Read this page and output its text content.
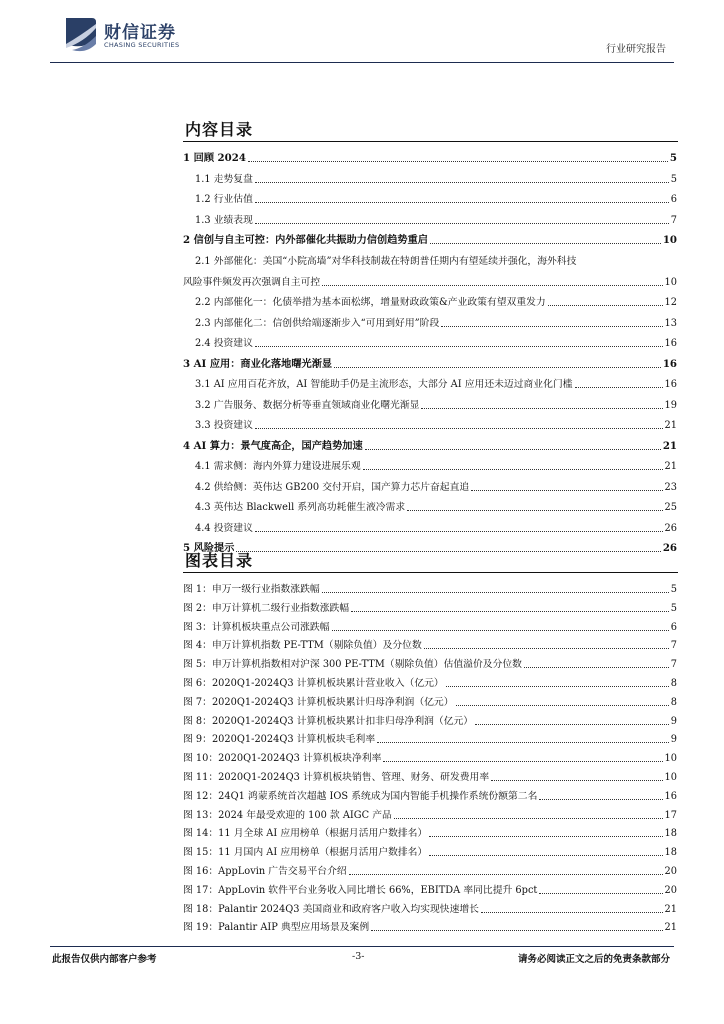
财信证券
CHASING SECURITIES	行业研究报告
内容目录
1 回顾 2024	5
1.1 走势复盘	5
1.2 行业估值	6
1.3 业绩表现	7
2 信创与自主可控：内外部催化共振助力信创趋势重启	10
2.1 外部催化：美国“小院高墙”对华科技制裁在特朗普任期内有望延续并强化，海外科技
风险事件频发再次强调自主可控	10
2.2 内部催化一：化债举措为基本面松绑，增量财政政策&产业政策有望双重发力	12
2.3 内部催化二：信创供给端逐渐步入“可用到好用”阶段	13
2.4 投资建议	16
3 AI 应用：商业化落地曙光渐显	16
3.1 AI 应用百花齐放，AI 智能助手仍是主流形态，大部分 AI 应用还未迈过商业化门槛	16
3.2 广告服务、数据分析等垂直领域商业化曙光渐显	19
3.3 投资建议	21
4 AI 算力：景气度高企，国产趋势加速	21
4.1 需求侧：海内外算力建设进展乐观	21
4.2 供给侧：英伟达 GB200 交付开启，国产算力芯片奋起直追	23
4.3 英伟达 Blackwell 系列高功耗催生液冷需求	25
4.4 投资建议	26
5 风险提示	26
图表目录
图 1：申万一级行业指数涨跌幅	5
图 2：申万计算机二级行业指数涨跌幅	5
图 3：计算机板块重点公司涨跌幅	6
图 4：申万计算机指数 PE-TTM（剔除负值）及分位数	7
图 5：申万计算机指数相对沪深 300 PE-TTM（剔除负值）估值溢价及分位数	7
图 6：2020Q1-2024Q3 计算机板块累计营业收入（亿元）	8
图 7：2020Q1-2024Q3 计算机板块累计归母净利润（亿元）	8
图 8：2020Q1-2024Q3 计算机板块累计扣非归母净利润（亿元）	9
图 9：2020Q1-2024Q3 计算机板块毛利率	9
图 10：2020Q1-2024Q3 计算机板块净利率	10
图 11：2020Q1-2024Q3 计算机板块销售、管理、财务、研发费用率	10
图 12：24Q1 鸿蒙系统首次超越 IOS 系统成为国内智能手机操作系统份额第二名	16
图 13：2024 年最受欢迎的 100 款 AIGC 产品	17
图 14：11 月全球 AI 应用榜单（根据月活用户数排名）	18
图 15：11 月国内 AI 应用榜单（根据月活用户数排名）	18
图 16：AppLovin 广告交易平台介绍	20
图 17：AppLovin 软件平台业务收入同比增长 66%，EBITDA 率同比提升 6pct	20
图 18：Palantir 2024Q3 美国商业和政府客户收入均实现快速增长	21
图 19：Palantir AIP 典型应用场景及案例	21
此报告仅供内部客户参考	-3-	请务必阅读正文之后的免责条款部分
